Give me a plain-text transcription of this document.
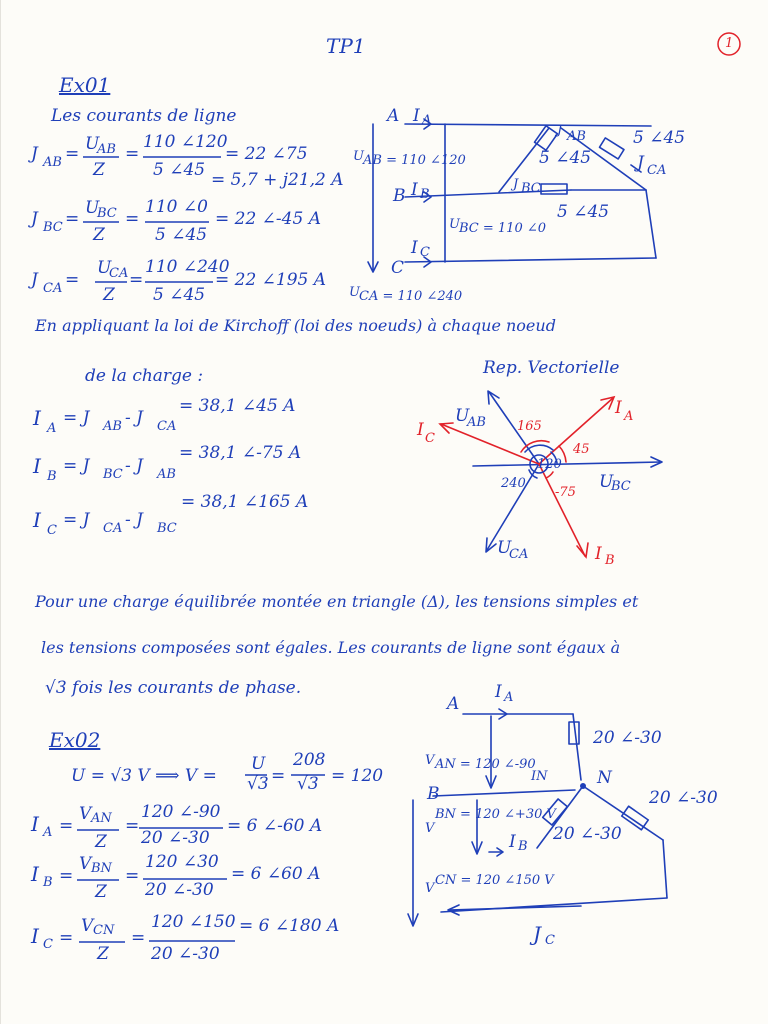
TP1	1
Ex01
Les courants de ligne
J AB = U
AB
Z
=
110 ∠120
5 ∠45
= 22 ∠75
= 5,7 + j21,2 A
J BC =
U
BC
Z
=
110 ∠0
5 ∠45
= 22 ∠-45 A
J CA =
U
CA
Z
=
110 ∠240
5 ∠45
= 22 ∠195 A
A
B
C
I A
I B
I C
J AB
J BC
J CA
5 ∠45
5 ∠45
5 ∠45
U AB = 110 ∠120
U BC = 110 ∠0
U CA = 110 ∠240
En appliquant la loi de Kirchoff (loi des noeuds) à chaque noeud
de la charge :
I A
= J AB - J CA
= 38,1 ∠45 A
I B
= J BC - J AB
= 38,1 ∠-75 A
I C
= J CA - J BC
= 38,1 ∠165 A
Rep. Vectorielle
U
AB
U
BC
U
CA
I A
I B
I C
165
45
-75
120
240
Pour une charge équilibrée montée en triangle (Δ), les tensions simples et
les tensions composées sont égales. Les courants de ligne sont égaux à
√3 fois les courants de phase.
Ex02
U = √3 V ⟹ V =
U
√3 =
208
√3 = 120
I A =
V AN
Z
=
120 ∠-90
20 ∠-30
= 6 ∠-60 A
I B =
V BN
Z
=
120 ∠30
20 ∠-30
= 6 ∠60 A
I C =
V CN
Z
=
120 ∠150
20 ∠-30
= 6 ∠180 A
A
B
N
I A
I B
J C
IN
V AN = 120 ∠-90
V
BN = 120 ∠+30 V
V
CN = 120 ∠150 V
20 ∠-30
20 ∠-30
20 ∠-30
